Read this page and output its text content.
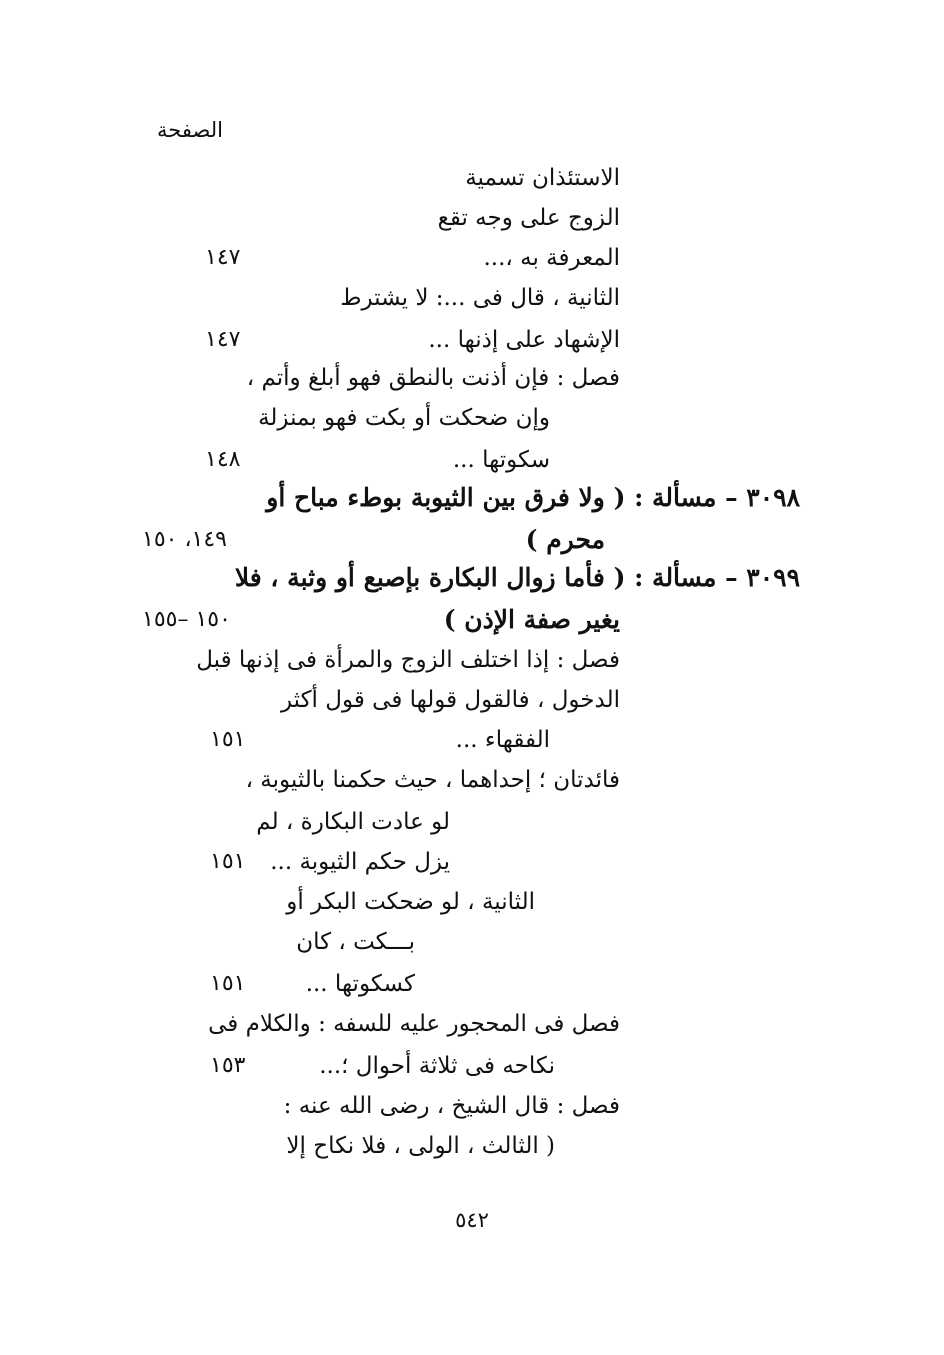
الصفحة
الاستئذان تسمية
الزوج على وجه تقع
المعرفة به ،...
١٤٧
الثانية ، قال فى ...: لا يشترط
الإشهاد على إذنها ...
١٤٧
فصل : فإن أذنت بالنطق فهو أبلغ وأتم ،
وإن ضحكت أو بكت فهو بمنزلة
سكوتها ...
١٤٨
٣٠٩٨ – مسألة : ( ولا فرق بين الثيوبة بوطء مباح أو
محرم )
١٤٩، ١٥٠
٣٠٩٩ – مسألة : ( فأما زوال البكارة بإصبع أو وثبة ، فلا
يغير صفة الإذن )
١٥٠ –١٥٥
فصل : إذا اختلف الزوج والمرأة فى إذنها قبل
الدخول ، فالقول قولها فى قول أكثر
الفقهاء ...
١٥١
فائدتان ؛ إحداهما ، حيث حكمنا بالثيوبة ،
لو عادت البكارة ، لم
يزل حكم الثيوبة ...
١٥١
الثانية ، لو ضحكت البكر أو
بـــكت ، كان
كسكوتها ...
١٥١
فصل فى المحجور عليه للسفه : والكلام فى
نكاحه فى ثلاثة أحوال ؛...
١٥٣
فصل : قال الشيخ ، رضى الله عنه :
( الثالث ، الولى ، فلا نكاح إلا
٥٤٢
